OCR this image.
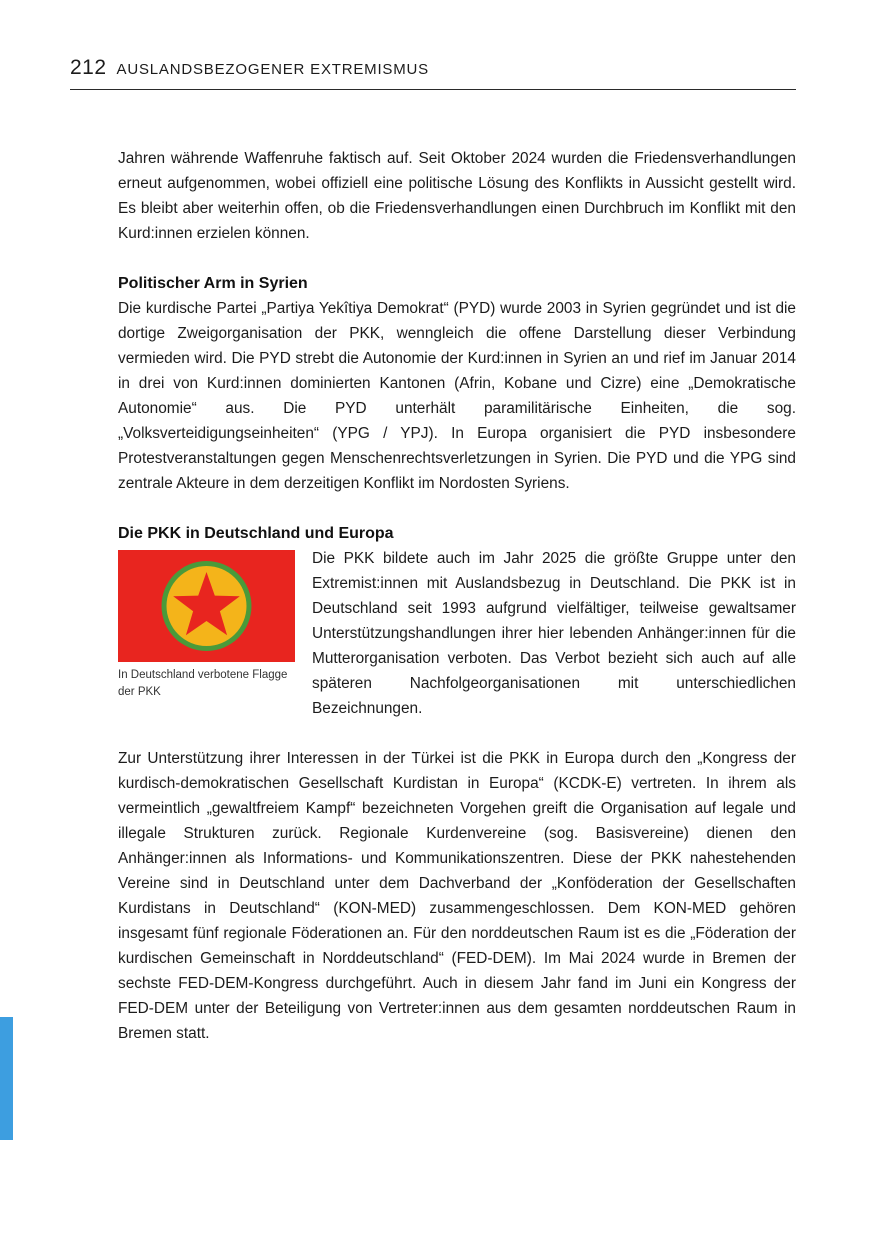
212 AUSLANDSBEZOGENER EXTREMISMUS

Jahren währende Waffenruhe faktisch auf. Seit Oktober 2024 wurden die Friedensverhandlungen erneut aufgenommen, wobei offiziell eine politische Lösung des Konflikts in Aussicht gestellt wird. Es bleibt aber weiterhin offen, ob die Friedensverhandlungen einen Durchbruch im Konflikt mit den Kurd:innen erzielen können.

Politischer Arm in Syrien

Die kurdische Partei „Partiya Yekîtiya Demokrat“ (PYD) wurde 2003 in Syrien gegründet und ist die dortige Zweigorganisation der PKK, wenngleich die offene Darstellung dieser Verbindung vermieden wird. Die PYD strebt die Autonomie der Kurd:innen in Syrien an und rief im Januar 2014 in drei von Kurd:innen dominierten Kantonen (Afrin, Kobane und Cizre) eine „Demokratische Autonomie“ aus. Die PYD unterhält paramilitärische Einheiten, die sog. „Volksverteidigungseinheiten“ (YPG / YPJ). In Europa organisiert die PYD insbesondere Protestveranstaltungen gegen Menschenrechtsverletzungen in Syrien. Die PYD und die YPG sind zentrale Akteure in dem derzeitigen Konflikt im Nordosten Syriens.

Die PKK in Deutschland und Europa
In Deutschland verbotene Flagge der PKK

Die PKK bildete auch im Jahr 2025 die größte Gruppe unter den Extremist:innen mit Auslandsbezug in Deutschland. Die PKK ist in Deutschland seit 1993 aufgrund vielfältiger, teilweise gewaltsamer Unterstützungshandlungen ihrer hier lebenden Anhänger:innen für die Mutterorganisation verboten. Das Verbot bezieht sich auch auf alle späteren Nachfolgeorganisationen mit unterschiedlichen Bezeichnungen.

Zur Unterstützung ihrer Interessen in der Türkei ist die PKK in Europa durch den „Kongress der kurdisch-demokratischen Gesellschaft Kurdistan in Europa“ (KCDK-E) vertreten. In ihrem als vermeintlich „gewaltfreiem Kampf“ bezeichneten Vorgehen greift die Organisation auf legale und illegale Strukturen zurück. Regionale Kurdenvereine (sog. Basisvereine) dienen den Anhänger:innen als Informations- und Kommunikationszentren. Diese der PKK nahestehenden Vereine sind in Deutschland unter dem Dachverband der „Konföderation der Gesellschaften Kurdistans in Deutschland“ (KON-MED) zusammengeschlossen. Dem KON-MED gehören insgesamt fünf regionale Föderationen an. Für den norddeutschen Raum ist es die „Föderation der kurdischen Gemeinschaft in Norddeutschland“ (FED-DEM). Im Mai 2024 wurde in Bremen der sechste FED-DEM-Kongress durchgeführt. Auch in diesem Jahr fand im Juni ein Kongress der FED-DEM unter der Beteiligung von Vertreter:innen aus dem gesamten norddeutschen Raum in Bremen statt.
